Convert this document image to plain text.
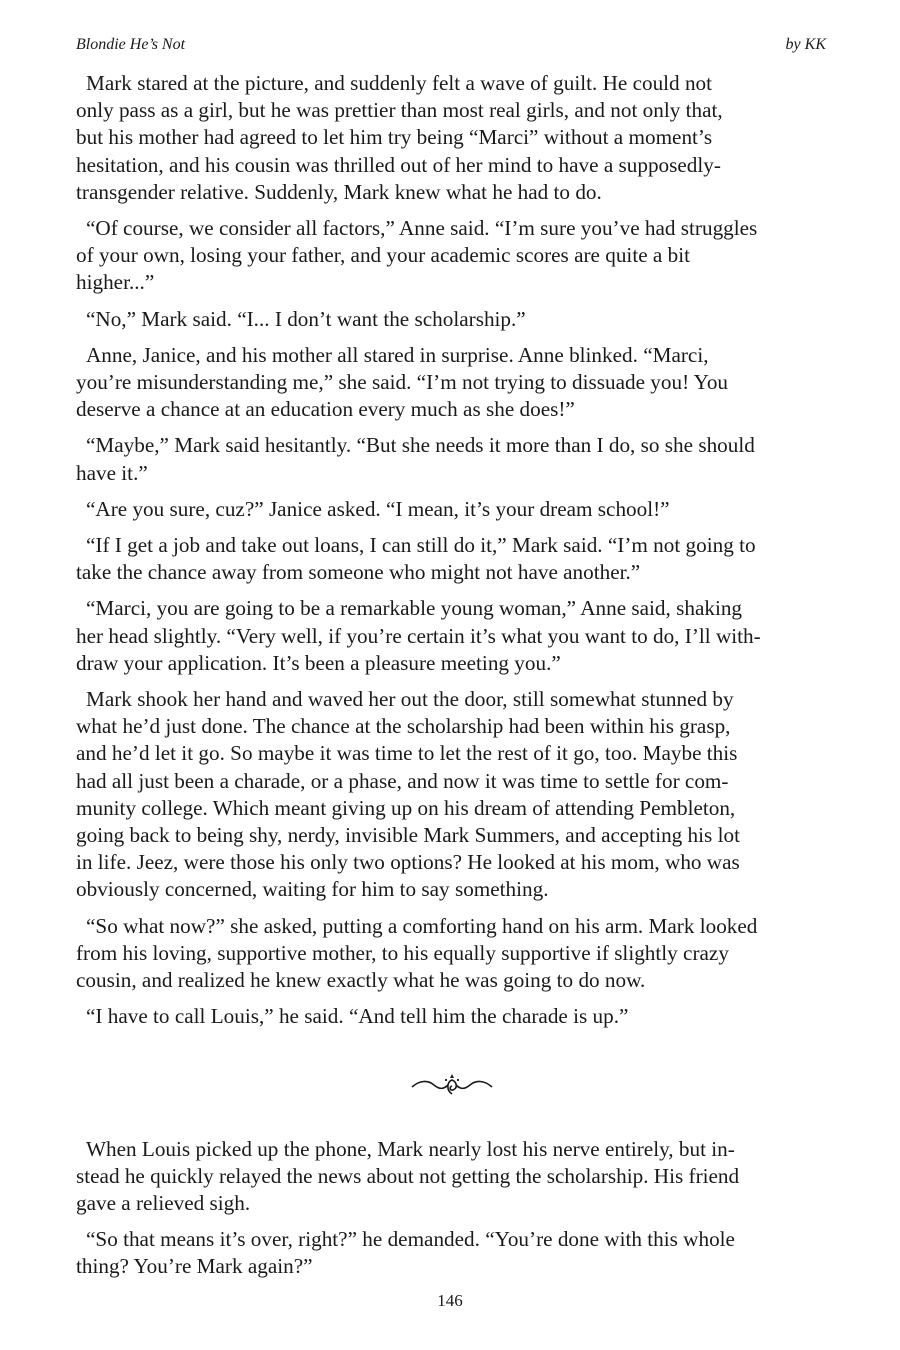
Blondie He’s Not	by KK

Mark stared at the picture, and suddenly felt a wave of guilt. He could not
only pass as a girl, but he was prettier than most real girls, and not only that,
but his mother had agreed to let him try being “Marci” without a moment’s
hesitation, and his cousin was thrilled out of her mind to have a supposedly-
transgender relative. Suddenly, Mark knew what he had to do.

“Of course, we consider all factors,” Anne said. “I’m sure you’ve had struggles
of your own, losing your father, and your academic scores are quite a bit
higher...”

“No,” Mark said. “I... I don’t want the scholarship.”

Anne, Janice, and his mother all stared in surprise. Anne blinked. “Marci,
you’re misunderstanding me,” she said. “I’m not trying to dissuade you! You
deserve a chance at an education every much as she does!”

“Maybe,” Mark said hesitantly. “But she needs it more than I do, so she should
have it.”

“Are you sure, cuz?” Janice asked. “I mean, it’s your dream school!”

“If I get a job and take out loans, I can still do it,” Mark said. “I’m not going to
take the chance away from someone who might not have another.”

“Marci, you are going to be a remarkable young woman,” Anne said, shaking
her head slightly. “Very well, if you’re certain it’s what you want to do, I’ll with-
draw your application. It’s been a pleasure meeting you.”

Mark shook her hand and waved her out the door, still somewhat stunned by
what he’d just done. The chance at the scholarship had been within his grasp,
and he’d let it go. So maybe it was time to let the rest of it go, too. Maybe this
had all just been a charade, or a phase, and now it was time to settle for com-
munity college. Which meant giving up on his dream of attending Pembleton,
going back to being shy, nerdy, invisible Mark Summers, and accepting his lot
in life. Jeez, were those his only two options? He looked at his mom, who was
obviously concerned, waiting for him to say something.

“So what now?” she asked, putting a comforting hand on his arm. Mark looked
from his loving, supportive mother, to his equally supportive if slightly crazy
cousin, and realized he knew exactly what he was going to do now.

“I have to call Louis,” he said. “And tell him the charade is up.”

When Louis picked up the phone, Mark nearly lost his nerve entirely, but in-
stead he quickly relayed the news about not getting the scholarship. His friend
gave a relieved sigh.

“So that means it’s over, right?” he demanded. “You’re done with this whole
thing? You’re Mark again?”

146
